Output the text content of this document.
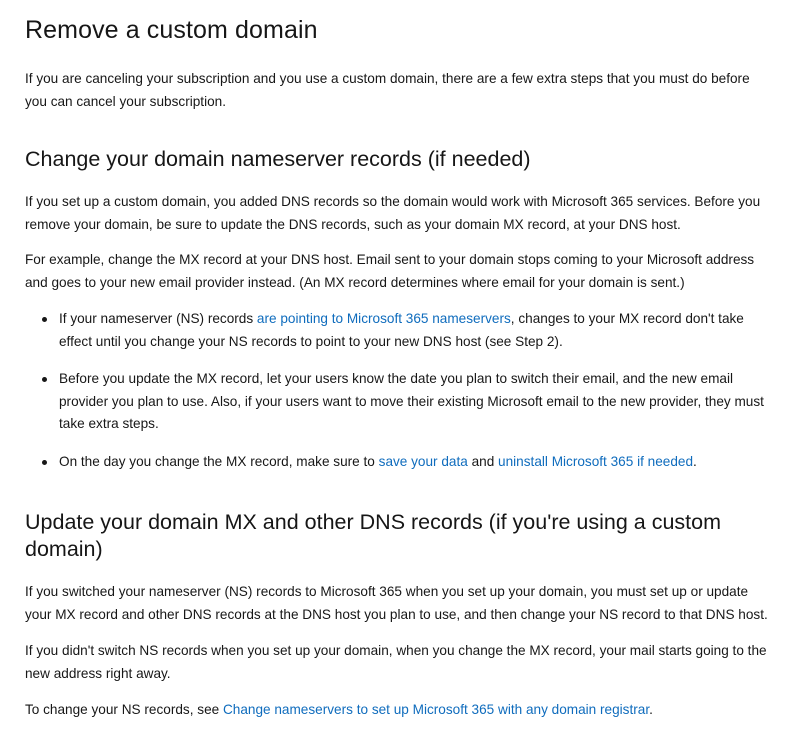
Remove a custom domain

If you are canceling your subscription and you use a custom domain, there are a few extra steps that you must do before you can cancel your subscription.

Change your domain nameserver records (if needed)

If you set up a custom domain, you added DNS records so the domain would work with Microsoft 365 services. Before you remove your domain, be sure to update the DNS records, such as your domain MX record, at your DNS host.

For example, change the MX record at your DNS host. Email sent to your domain stops coming to your Microsoft address and goes to your new email provider instead. (An MX record determines where email for your domain is sent.)

If your nameserver (NS) records are pointing to Microsoft 365 nameservers, changes to your MX record don't take effect until you change your NS records to point to your new DNS host (see Step 2).
Before you update the MX record, let your users know the date you plan to switch their email, and the new email provider you plan to use. Also, if your users want to move their existing Microsoft email to the new provider, they must take extra steps.
On the day you change the MX record, make sure to save your data and uninstall Microsoft 365 if needed.
Update your domain MX and other DNS records (if you're using a custom domain)

If you switched your nameserver (NS) records to Microsoft 365 when you set up your domain, you must set up or update your MX record and other DNS records at the DNS host you plan to use, and then change your NS record to that DNS host.

If you didn't switch NS records when you set up your domain, when you change the MX record, your mail starts going to the new address right away.

To change your NS records, see Change nameservers to set up Microsoft 365 with any domain registrar.
